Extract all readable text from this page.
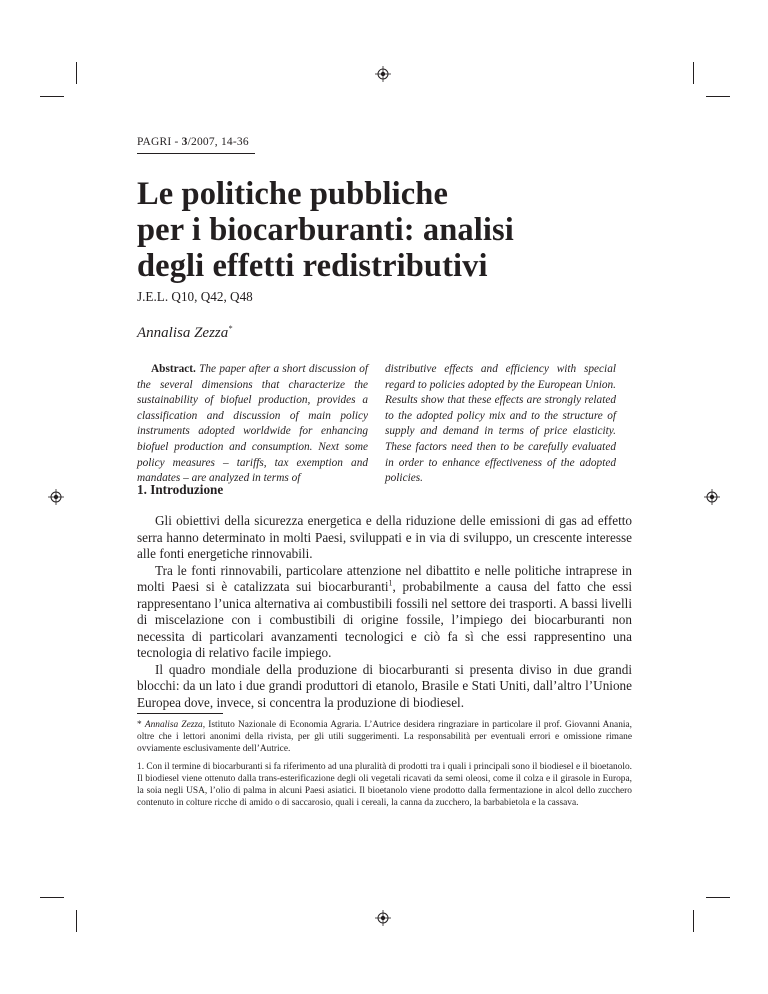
PAGRI - 3/2007, 14-36
Le politiche pubbliche
per i biocarburanti: analisi
degli effetti redistributivi
J.E.L. Q10, Q42, Q48
Annalisa Zezza*
Abstract. The paper after a short discussion of the several dimensions that characterize the sustainability of biofuel production, provides a classification and discussion of main policy instruments adopted worldwide for enhancing biofuel production and consumption. Next some policy measures – tariffs, tax exemption and mandates – are analyzed in terms of
distributive effects and efficiency with special regard to policies adopted by the European Union. Results show that these effects are strongly related to the adopted policy mix and to the structure of supply and demand in terms of price elasticity. These factors need then to be carefully evaluated in order to enhance effectiveness of the adopted policies.
1. Introduzione

Gli obiettivi della sicurezza energetica e della riduzione delle emissioni di gas ad effetto serra hanno determinato in molti Paesi, sviluppati e in via di sviluppo, un crescente interesse alle fonti energetiche rinnovabili.

Tra le fonti rinnovabili, particolare attenzione nel dibattito e nelle politiche intraprese in molti Paesi si è catalizzata sui biocarburanti$^1$, probabilmente a causa del fatto che essi rappresentano l’unica alternativa ai combustibili fossili nel settore dei trasporti. A bassi livelli di miscelazione con i combustibili di origine fossile, l’impiego dei biocarburanti non necessita di particolari avanzamenti tecnologici e ciò fa sì che essi rappresentino una tecnologia di relativo facile impiego.

Il quadro mondiale della produzione di biocarburanti si presenta diviso in due grandi blocchi: da un lato i due grandi produttori di etanolo, Brasile e Stati Uniti, dall’altro l’Unione Europea dove, invece, si concentra la produzione di biodiesel.

* Annalisa Zezza, Istituto Nazionale di Economia Agraria. L’Autrice desidera ringraziare in particolare il prof. Giovanni Anania, oltre che i lettori anonimi della rivista, per gli utili suggerimenti. La responsabilità per eventuali errori e omissione rimane ovviamente esclusivamente dell’Autrice.

1. Con il termine di biocarburanti si fa riferimento ad una pluralità di prodotti tra i quali i principali sono il biodiesel e il bioetanolo. Il biodiesel viene ottenuto dalla trans-esterificazione degli oli vegetali ricavati da semi oleosi, come il colza e il girasole in Europa, la soia negli USA, l’olio di palma in alcuni Paesi asiatici. Il bioetanolo viene prodotto dalla fermentazione in alcol dello zucchero contenuto in colture ricche di amido o di saccarosio, quali i cereali, la canna da zucchero, la barbabietola e la cassava.
